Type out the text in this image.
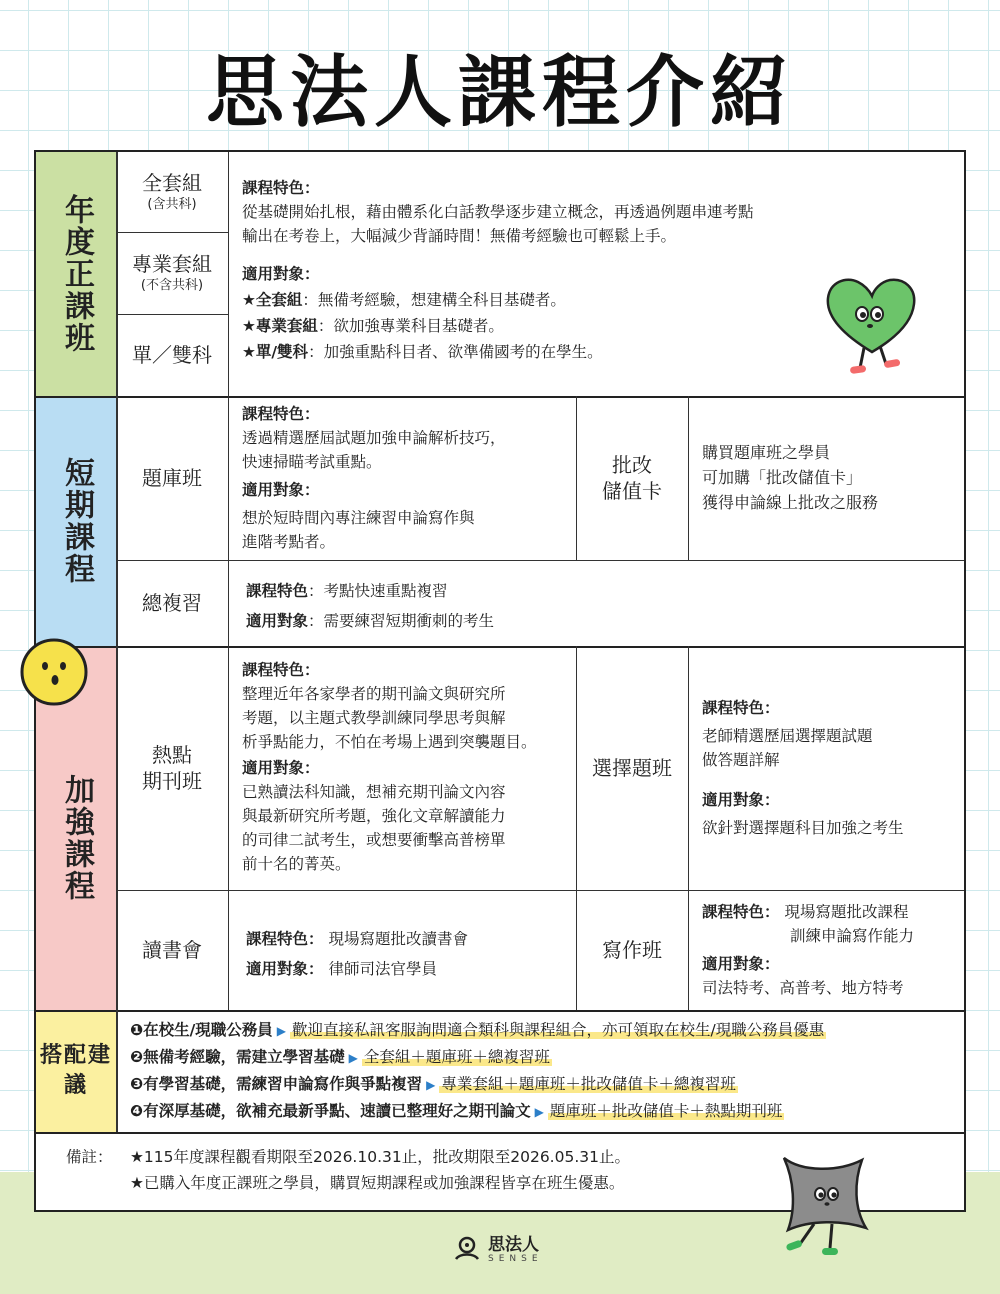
思法人課程介紹
年度正課班
短期課程
加強課程
搭配建議
全套組
(含共科)
專業套組
(不含共科)
單／雙科
課程特色：
從基礎開始扎根，藉由體系化白話教學逐步建立概念，再透過例題串連考點
輸出在考卷上，大幅減少背誦時間！無備考經驗也可輕鬆上手。
適用對象：
★全套組：無備考經驗，想建構全科目基礎者。
★專業套組：欲加強專業科目基礎者。
★單/雙科：加強重點科目者、欲準備國考的在學生。
題庫班
課程特色：
透過精選歷屆試題加強申論解析技巧，
快速掃瞄考試重點。
適用對象：
想於短時間內專注練習申論寫作與
進階考點者。
批改
儲值卡
購買題庫班之學員
可加購「批改儲值卡」
獲得申論線上批改之服務
總複習	課程特色：考點快速重點複習
適用對象：需要練習短期衝刺的考生
熱點
期刊班
課程特色：
整理近年各家學者的期刊論文與研究所
考題，以主題式教學訓練同學思考與解
析爭點能力，不怕在考場上遇到突襲題目。
適用對象：
已熟讀法科知識，想補充期刊論文內容
與最新研究所考題，強化文章解讀能力
的司律二試考生，或想要衝擊高普榜單
前十名的菁英。
選擇題班
課程特色：
老師精選歷屆選擇題試題
做答題詳解
適用對象：
欲針對選擇題科目加強之考生
讀書會	課程特色： 現場寫題批改讀書會
適用對象： 律師司法官學員
寫作班
課程特色： 現場寫題批改課程
訓練申論寫作能力
適用對象：
司法特考、高普考、地方特考
❶在校生/現職公務員 ▶ 歡迎直接私訊客服詢問適合類科與課程組合，亦可領取在校生/現職公務員優惠
❷無備考經驗，需建立學習基礎 ▶ 全套組＋題庫班＋總複習班
❸有學習基礎，需練習申論寫作與爭點複習 ▶ 專業套組＋題庫班＋批改儲值卡＋總複習班
❹有深厚基礎，欲補充最新爭點、速讀已整理好之期刊論文 ▶ 題庫班＋批改儲值卡＋熱點期刊班
備註： ★115年度課程觀看期限至2026.10.31止，批改期限至2026.05.31止。
★已購入年度正課班之學員，購買短期課程或加強課程皆享在班生優惠。
思法人
SENSE
